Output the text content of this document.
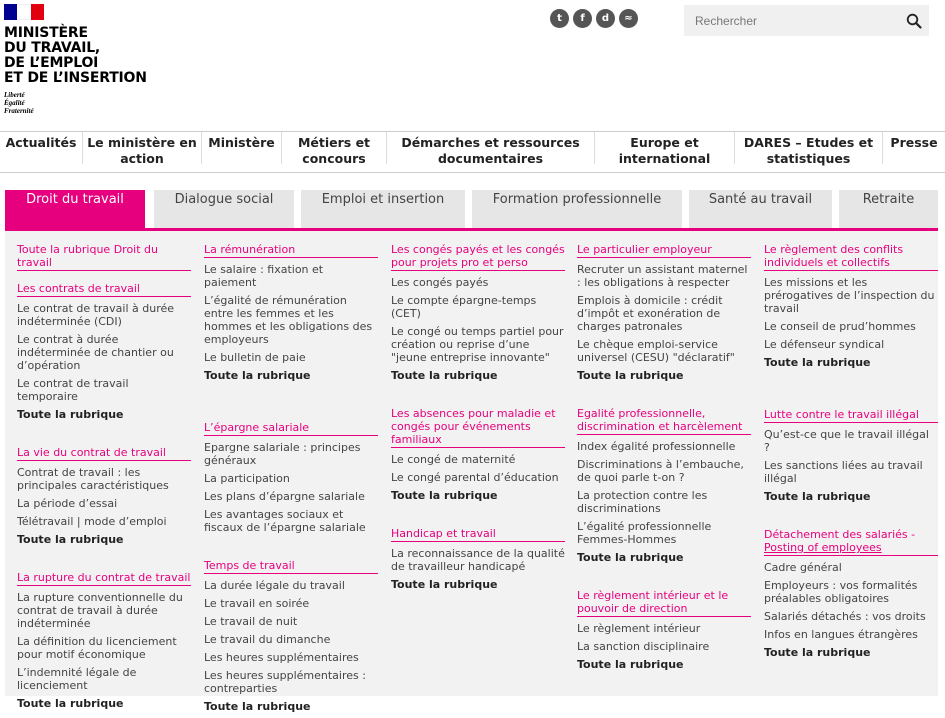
MINISTÈRE
DU TRAVAIL,
DE L’EMPLOI
ET DE L’INSERTION
Liberté
Égalité
Fraternité
t	f	d	≈
Rechercher
Actualités Le ministère en action
Ministère	Métiers et concours
Démarches et ressources documentaires
Europe et international
DARES – Etudes et statistiques
Presse
Droit du travail	Dialogue social	Emploi et insertion	Formation professionnelle	Santé au travail	Retraite
Toute la rubrique Droit du travail
Les contrats de travail
Le contrat de travail à durée indéterminée (CDI)
Le contrat à durée indéterminée de chantier ou d’opération
Le contrat de travail temporaire
Toute la rubrique
La vie du contrat de travail
Contrat de travail : les principales caractéristiques
La période d’essai
Télétravail | mode d’emploi
Toute la rubrique
La rupture du contrat de travail
La rupture conventionnelle du contrat de travail à durée indéterminée
La définition du licenciement pour motif économique
L’indemnité légale de licenciement
Toute la rubrique
La rémunération
Le salaire : fixation et paiement
L’égalité de rémunération entre les femmes et les hommes et les obligations des employeurs
Le bulletin de paie
Toute la rubrique
L’épargne salariale
Epargne salariale : principes généraux
La participation
Les plans d’épargne salariale
Les avantages sociaux et fiscaux de l’épargne salariale
Temps de travail
La durée légale du travail
Le travail en soirée
Le travail de nuit
Le travail du dimanche
Les heures supplémentaires
Les heures supplémentaires : contreparties
Toute la rubrique
Les congés payés et les congés pour projets pro et perso
Les congés payés
Le compte épargne-temps (CET)
Le congé ou temps partiel pour création ou reprise d’une "jeune entreprise innovante"
Toute la rubrique
Les absences pour maladie et congés pour événements familiaux
Le congé de maternité
Le congé parental d’éducation
Toute la rubrique
Handicap et travail
La reconnaissance de la qualité de travailleur handicapé
Toute la rubrique
Le particulier employeur
Recruter un assistant maternel : les obligations à respecter
Emplois à domicile : crédit d’impôt et exonération de charges patronales
Le chèque emploi-service universel (CESU) "déclaratif"
Toute la rubrique
Egalité professionnelle, discrimination et harcèlement
Index égalité professionnelle
Discriminations à l’embauche, de quoi parle t-on ?
La protection contre les discriminations
L’égalité professionnelle Femmes-Hommes
Toute la rubrique
Le règlement intérieur et le pouvoir de direction
Le règlement intérieur
La sanction disciplinaire
Toute la rubrique
Le règlement des conflits individuels et collectifs
Les missions et les prérogatives de l’inspection du travail
Le conseil de prud’hommes
Le défenseur syndical
Toute la rubrique
Lutte contre le travail illégal
Qu’est-ce que le travail illégal ?
Les sanctions liées au travail illégal
Toute la rubrique
Détachement des salariés -
Posting of employees
Cadre général
Employeurs : vos formalités préalables obligatoires
Salariés détachés : vos droits
Infos en langues étrangères
Toute la rubrique
